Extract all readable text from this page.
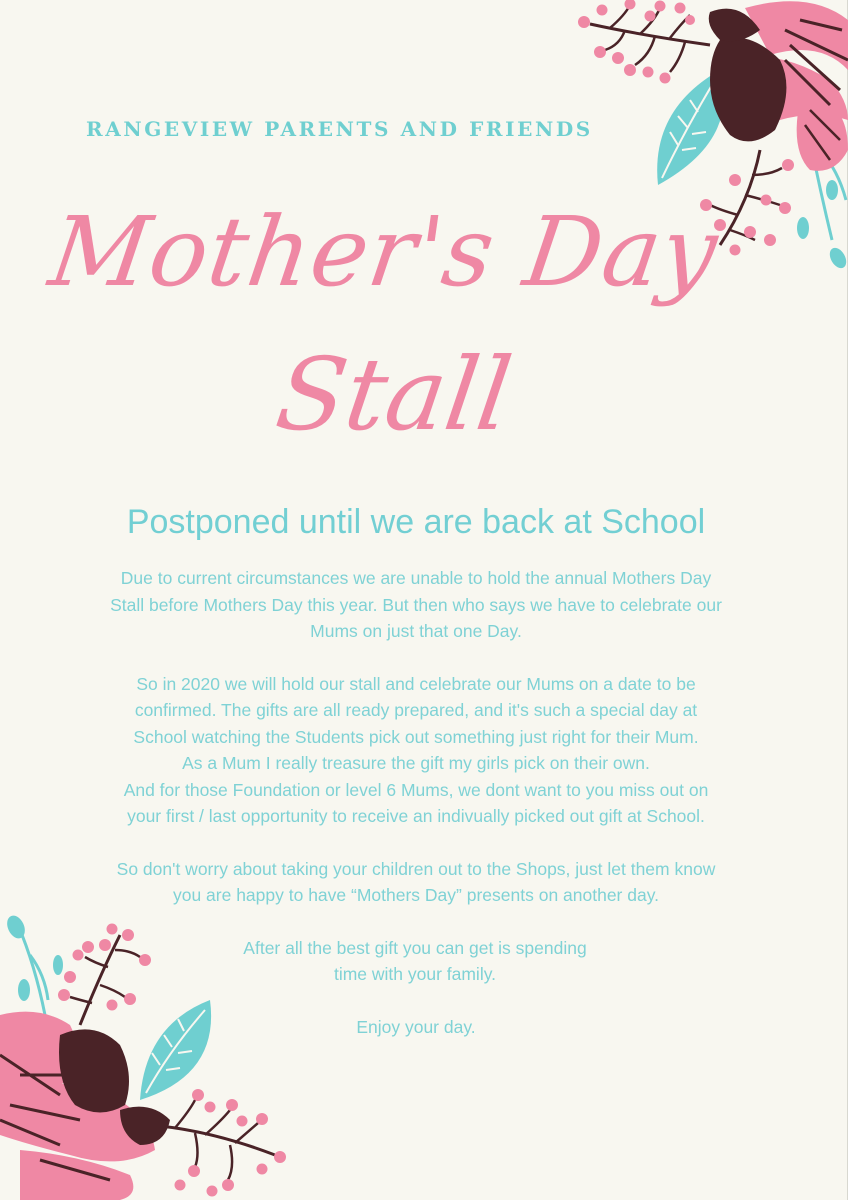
RANGEVIEW PARENTS AND FRIENDS
Mother's Day
Stall
Postponed until we are back at School

Due to current circumstances we are unable to hold the annual Mothers Day
Stall before Mothers Day this year. But then who says we have to celebrate our
Mums on just that one Day.

So in 2020 we will hold our stall and celebrate our Mums on a date to be
confirmed. The gifts are all ready prepared, and it's such a special day at
School watching the Students pick out something just right for their Mum.
As a Mum I really treasure the gift my girls pick on their own.
And for those Foundation or level 6 Mums, we dont want to you miss out on
your first / last opportunity to receive an indivually picked out gift at School.

So don't worry about taking your children out to the Shops, just let them know
you are happy to have “Mothers Day” presents on another day.

After all the best gift you can get is spending
time with your family.

Enjoy your day.
